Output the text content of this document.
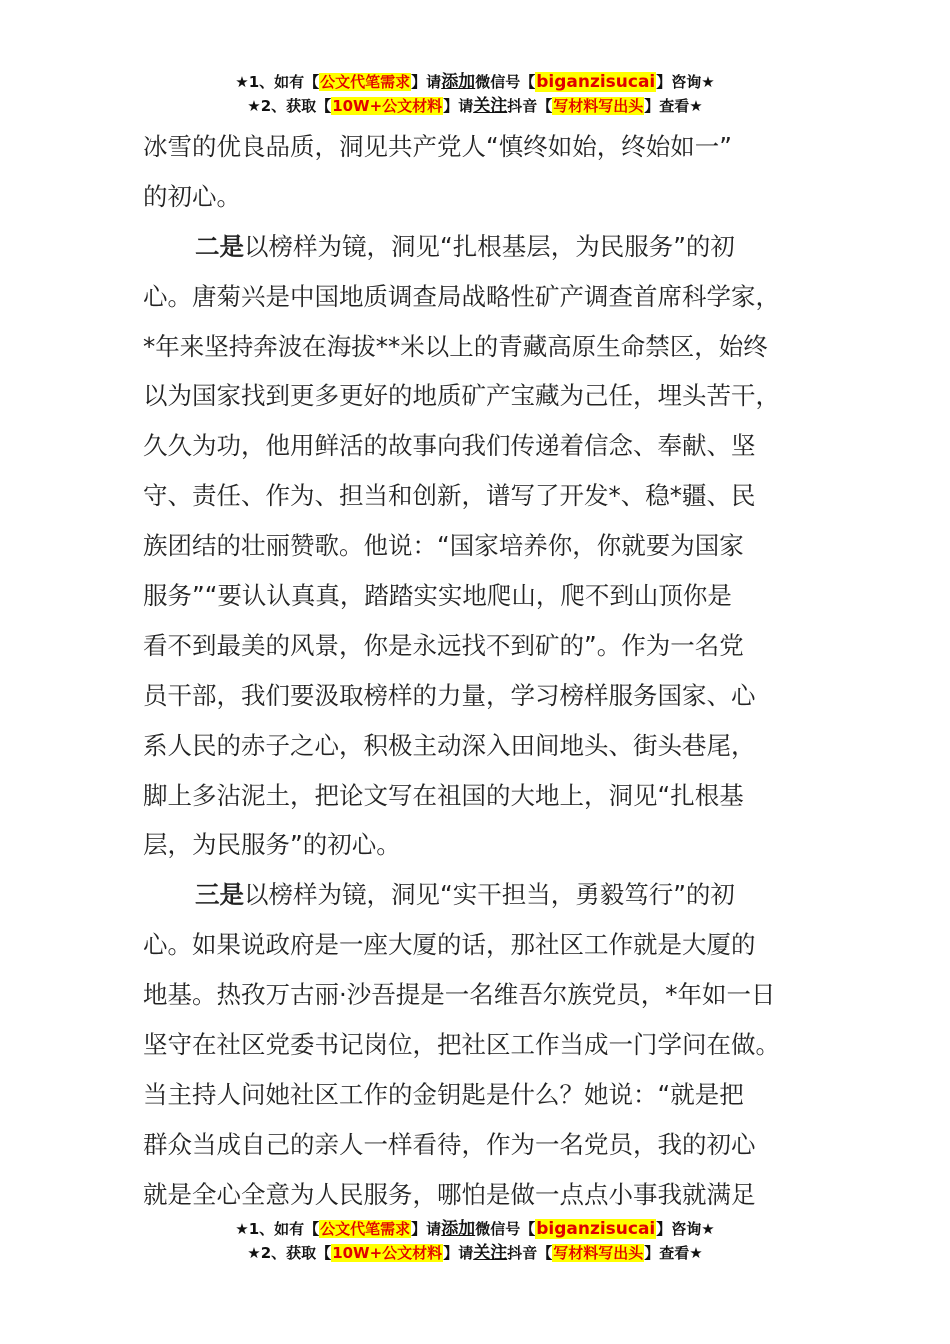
★1、如有【公文代笔需求】请添加微信号【biganzisucai】咨询★
★2、获取【10W+公文材料】请关注抖音【写材料写出头】查看★
冰雪的优良品质，洞见共产党人“慎终如始，终始如一”
的初心。
二是以榜样为镜，洞见“扎根基层，为民服务”的初
心。唐菊兴是中国地质调查局战略性矿产调查首席科学家，
*年来坚持奔波在海拔**米以上的青藏高原生命禁区，始终
以为国家找到更多更好的地质矿产宝藏为己任，埋头苦干，
久久为功，他用鲜活的故事向我们传递着信念、奉献、坚
守、责任、作为、担当和创新，谱写了开发*、稳*疆、民
族团结的壮丽赞歌。他说：“国家培养你，你就要为国家
服务”“要认认真真，踏踏实实地爬山，爬不到山顶你是
看不到最美的风景，你是永远找不到矿的”。作为一名党
员干部，我们要汲取榜样的力量，学习榜样服务国家、心
系人民的赤子之心，积极主动深入田间地头、街头巷尾，
脚上多沾泥土，把论文写在祖国的大地上，洞见“扎根基
层，为民服务”的初心。
三是以榜样为镜，洞见“实干担当，勇毅笃行”的初
心。如果说政府是一座大厦的话，那社区工作就是大厦的
地基。热孜万古丽·沙吾提是一名维吾尔族党员，*年如一日
坚守在社区党委书记岗位，把社区工作当成一门学问在做。
当主持人问她社区工作的金钥匙是什么？她说：“就是把
群众当成自己的亲人一样看待，作为一名党员，我的初心
就是全心全意为人民服务，哪怕是做一点点小事我就满足
★1、如有【公文代笔需求】请添加微信号【biganzisucai】咨询★
★2、获取【10W+公文材料】请关注抖音【写材料写出头】查看★
